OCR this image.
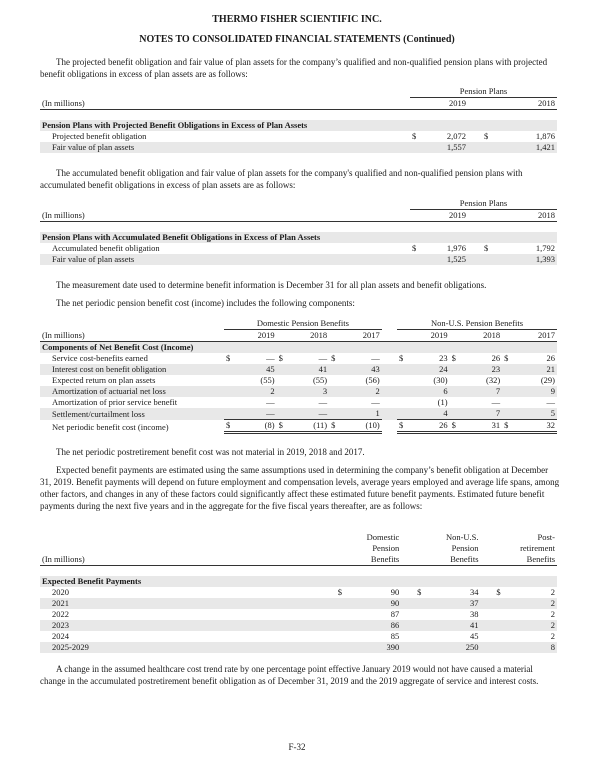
THERMO FISHER SCIENTIFIC INC.
NOTES TO CONSOLIDATED FINANCIAL STATEMENTS (Continued)

The projected benefit obligation and fair value of plan assets for the company’s qualified and non-qualified pension plans with projected benefit obligations in excess of plan assets are as follows:

	Pension Plans				
(In millions)		2019			2018

Pension Plans with Projected Benefit Obligations in Excess of Plan Assets					
Projected benefit obligation	$	2,072		$	1,876
Fair value of plan assets		1,557			1,421

The accumulated benefit obligation and fair value of plan assets for the company's qualified and non-qualified pension plans with accumulated benefit obligations in excess of plan assets are as follows:

	Pension Plans				
(In millions)		2019			2018

Pension Plans with Accumulated Benefit Obligations in Excess of Plan Assets					
Accumulated benefit obligation	$	1,976		$	1,792
Fair value of plan assets		1,525			1,393

The measurement date used to determine benefit information is December 31 for all plan assets and benefit obligations.

The net periodic pension benefit cost (income) includes the following components:

	Domestic Pension Benefits							Non-U.S. Pension Benefits					
(In millions)		2019		2018		2017			2019		2018		2017
Components of Net Benefit Cost (Income)													
Service cost-benefits earned	$	—	$	—	$	—		$	23	$	26	$	26
Interest cost on benefit obligation		45		41		43			24		23		21
Expected return on plan assets		(55)		(55)		(56)			(30)		(32)		(29)
Amortization of actuarial net loss		2		3		2			6		7		9
Amortization of prior service benefit		—		—		—			(1)		—		—
Settlement/curtailment loss		—		—		1			4		7		5
Net periodic benefit cost (income)	$	(8)	$	(11)	$	(10)		$	26	$	31	$	32

The net periodic postretirement benefit cost was not material in 2019, 2018 and 2017.

Expected benefit payments are estimated using the same assumptions used in determining the company’s benefit obligation at December 31, 2019. Benefit payments will depend on future employment and compensation levels, average years employed and average life spans, among other factors, and changes in any of these factors could significantly affect these estimated future benefit payments. Estimated future benefit payments during the next five years and in the aggregate for the five fiscal years thereafter, are as follows:

	Domestic			Non-U.S.			Post-	
	Pension			Pension			retirement	
(In millions)	Benefits			Benefits			Benefits	

Expected Benefit Payments								
2020	$	90		$	34		$	2
2021		90			37			2
2022		87			38			2
2023		86			41			2
2024		85			45			2
2025-2029		390			250			8

A change in the assumed healthcare cost trend rate by one percentage point effective January 2019 would not have caused a material change in the accumulated postretirement benefit obligation as of December 31, 2019 and the 2019 aggregate of service and interest costs.

F-32
